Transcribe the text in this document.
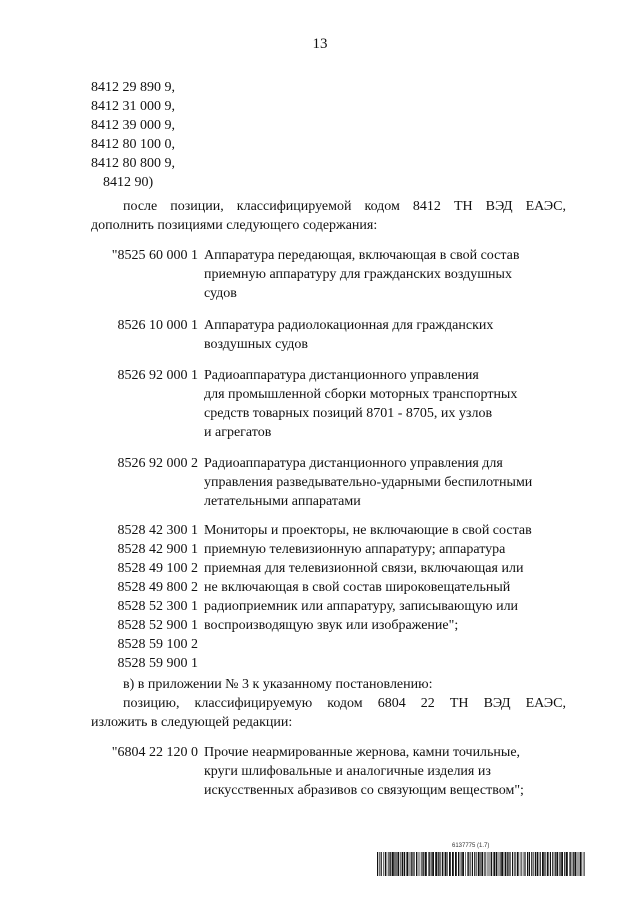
13
8412 29 890 9,
8412 31 000 9,
8412 39 000 9,
8412 80 100 0,
8412 80 800 9,
8412 90)
после позиции, классифицируемой кодом 8412 ТН ВЭД ЕАЭС,
дополнить позициями следующего содержания:
"8525 60 000 1 Аппаратура передающая, включающая в свой состав
приемную аппаратуру для гражданских воздушных
судов
8526 10 000 1 Аппаратура радиолокационная для гражданских
воздушных судов
8526 92 000 1 Радиоаппаратура дистанционного управления
для промышленной сборки моторных транспортных
средств товарных позиций 8701 - 8705, их узлов
и агрегатов
8526 92 000 2 Радиоаппаратура дистанционного управления для
управления разведывательно-ударными беспилотными
летательными аппаратами
8528 42 300 1
8528 42 900 1
8528 49 100 2
8528 49 800 2
8528 52 300 1
8528 52 900 1
8528 59 100 2
8528 59 900 1
Мониторы и проекторы, не включающие в свой состав
приемную телевизионную аппаратуру; аппаратура
приемная для телевизионной связи, включающая или
не включающая в свой состав широковещательный
радиоприемник или аппаратуру, записывающую или
воспроизводящую звук или изображение";
в) в приложении № 3 к указанному постановлению:
позицию, классифицируемую кодом 6804 22 ТН ВЭД ЕАЭС,
изложить в следующей редакции:
"6804 22 120 0 Прочие неармированные жернова, камни точильные,
круги шлифовальные и аналогичные изделия из
искусственных абразивов со связующим веществом";
6137775 (1.7)
